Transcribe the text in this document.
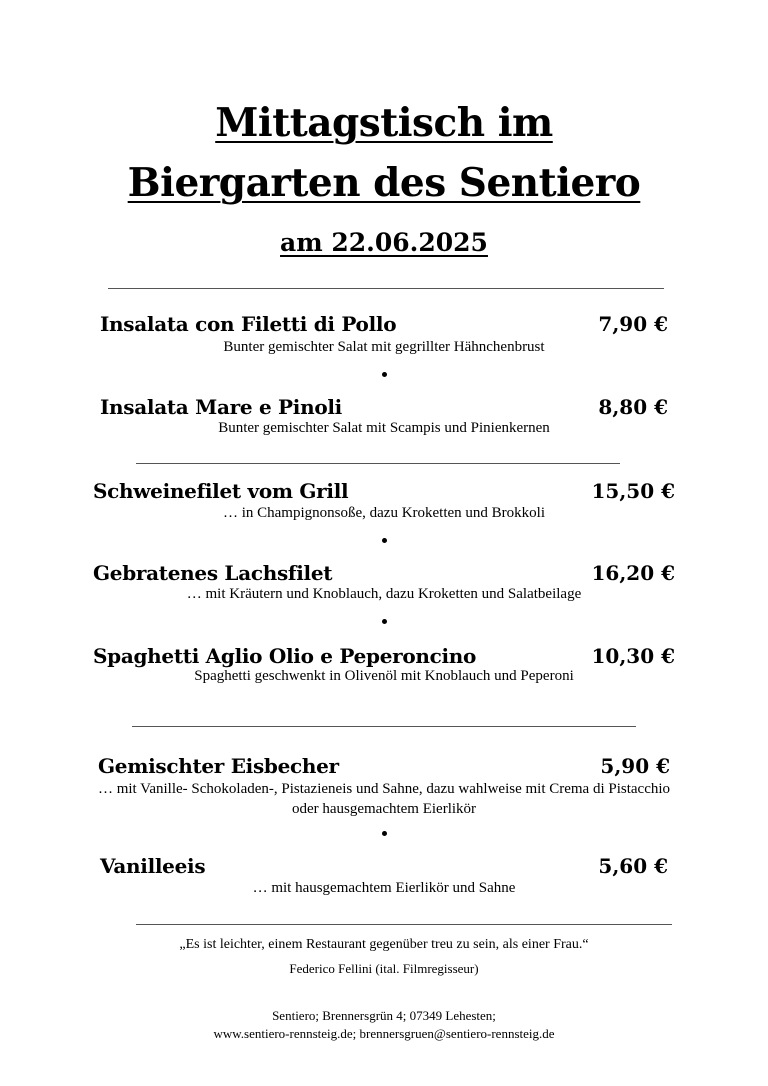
Mittagstisch im
Biergarten des Sentiero
am 22.06.2025
Insalata con Filetti di Pollo	7,90 €
Bunter gemischter Salat mit gegrillter Hähnchenbrust
Insalata Mare e Pinoli	8,80 €
Bunter gemischter Salat mit Scampis und Pinienkernen
Schweinefilet vom Grill	15,50 €
… in Champignonsoße, dazu Kroketten und Brokkoli
Gebratenes Lachsfilet	16,20 €
… mit Kräutern und Knoblauch, dazu Kroketten und Salatbeilage
Spaghetti Aglio Olio e Peperoncino	10,30 €
Spaghetti geschwenkt in Olivenöl mit Knoblauch und Peperoni
Gemischter Eisbecher	5,90 €
… mit Vanille- Schokoladen-, Pistazieneis und Sahne, dazu wahlweise mit Crema di Pistacchio oder hausgemachtem Eierlikör
Vanilleeis	5,60 €
… mit hausgemachtem Eierlikör und Sahne
„Es ist leichter, einem Restaurant gegenüber treu zu sein, als einer Frau.“
Federico Fellini (ital. Filmregisseur)
Sentiero; Brennersgrün 4; 07349 Lehesten;
www.sentiero-rennsteig.de; brennersgruen@sentiero-rennsteig.de
